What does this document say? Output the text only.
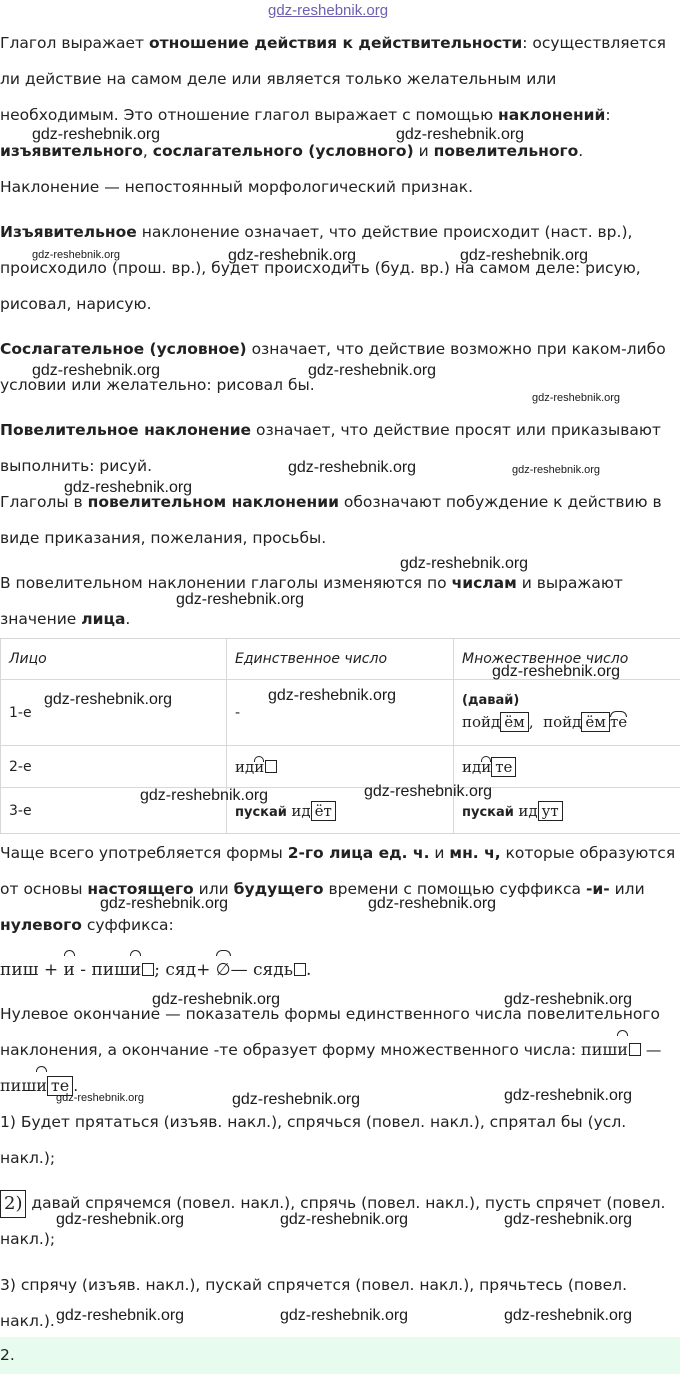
gdz-reshebnik.org

Глагол выражает отношение действия к действительности: осуществляется ли действие на самом деле или является только желательным или необходимым. Это отношение глагол выражает с помощью наклонений: изъявительного, сослагательного (условного) и повелительного. Наклонение — непостоянный морфологический признак.

Изъявительное наклонение означает, что действие происходит (наст. вр.), происходило (прош. вр.), будет происходить (буд. вр.) на самом деле: рисую, рисовал, нарисую.

Сослагательное (условное) означает, что действие возможно при каком-либо условии или желательно: рисовал бы.

Повелительное наклонение означает, что действие просят или приказывают выполнить: рисуй.

Глаголы в повелительном наклонении обозначают побуждение к действию в виде приказания, пожелания, просьбы.

В повелительном наклонении глаголы изменяются по числам и выражают значение лица.

Лицо	Единственное число	Множественное число
1-е	-	(давай)
пойд ём , пойд ём те

2-е	иди	иди те
3-е	пускай ид ёт	пускай ид ут

Чаще всего употребляется формы 2-го лица ед. ч. и мн. ч, которые образуются от основы настоящего или будущего времени с помощью суффикса -и- или нулевого суффикса:

пиш + и - пиши ; сяд+ ∅— сядь .

Нулевое окончание — показатель формы единственного числа повелительного наклонения, а окончание -те образует форму множественного числа: пиши — пиши те .

1) Будет прятаться (изъяв. накл.), спрячься (повел. накл.), спрятал бы (усл. накл.);

2) давай спрячемся (повел. накл.), спрячь (повел. накл.), пусть спрячет (повел. накл.);

3) спрячу (изъяв. накл.), пускай спрячется (повел. накл.), прячьтесь (повел. накл.).

2.
gdz-reshebnik.org	gdz-reshebnik.org
gdz-reshebnik.org	gdz-reshebnik.org	gdz-reshebnik.org
gdz-reshebnik.org	gdz-reshebnik.org
gdz-reshebnik.org
gdz-reshebnik.org	gdz-reshebnik.org
gdz-reshebnik.org
gdz-reshebnik.org
gdz-reshebnik.org
gdz-reshebnik.org
gdz-reshebnik.org	gdz-reshebnik.org
gdz-reshebnik.org	gdz-reshebnik.org
gdz-reshebnik.org	gdz-reshebnik.org
gdz-reshebnik.org	gdz-reshebnik.org
gdz-reshebnik.org	gdz-reshebnik.org	gdz-reshebnik.org
gdz-reshebnik.org	gdz-reshebnik.org	gdz-reshebnik.org
gdz-reshebnik.org	gdz-reshebnik.org	gdz-reshebnik.org
